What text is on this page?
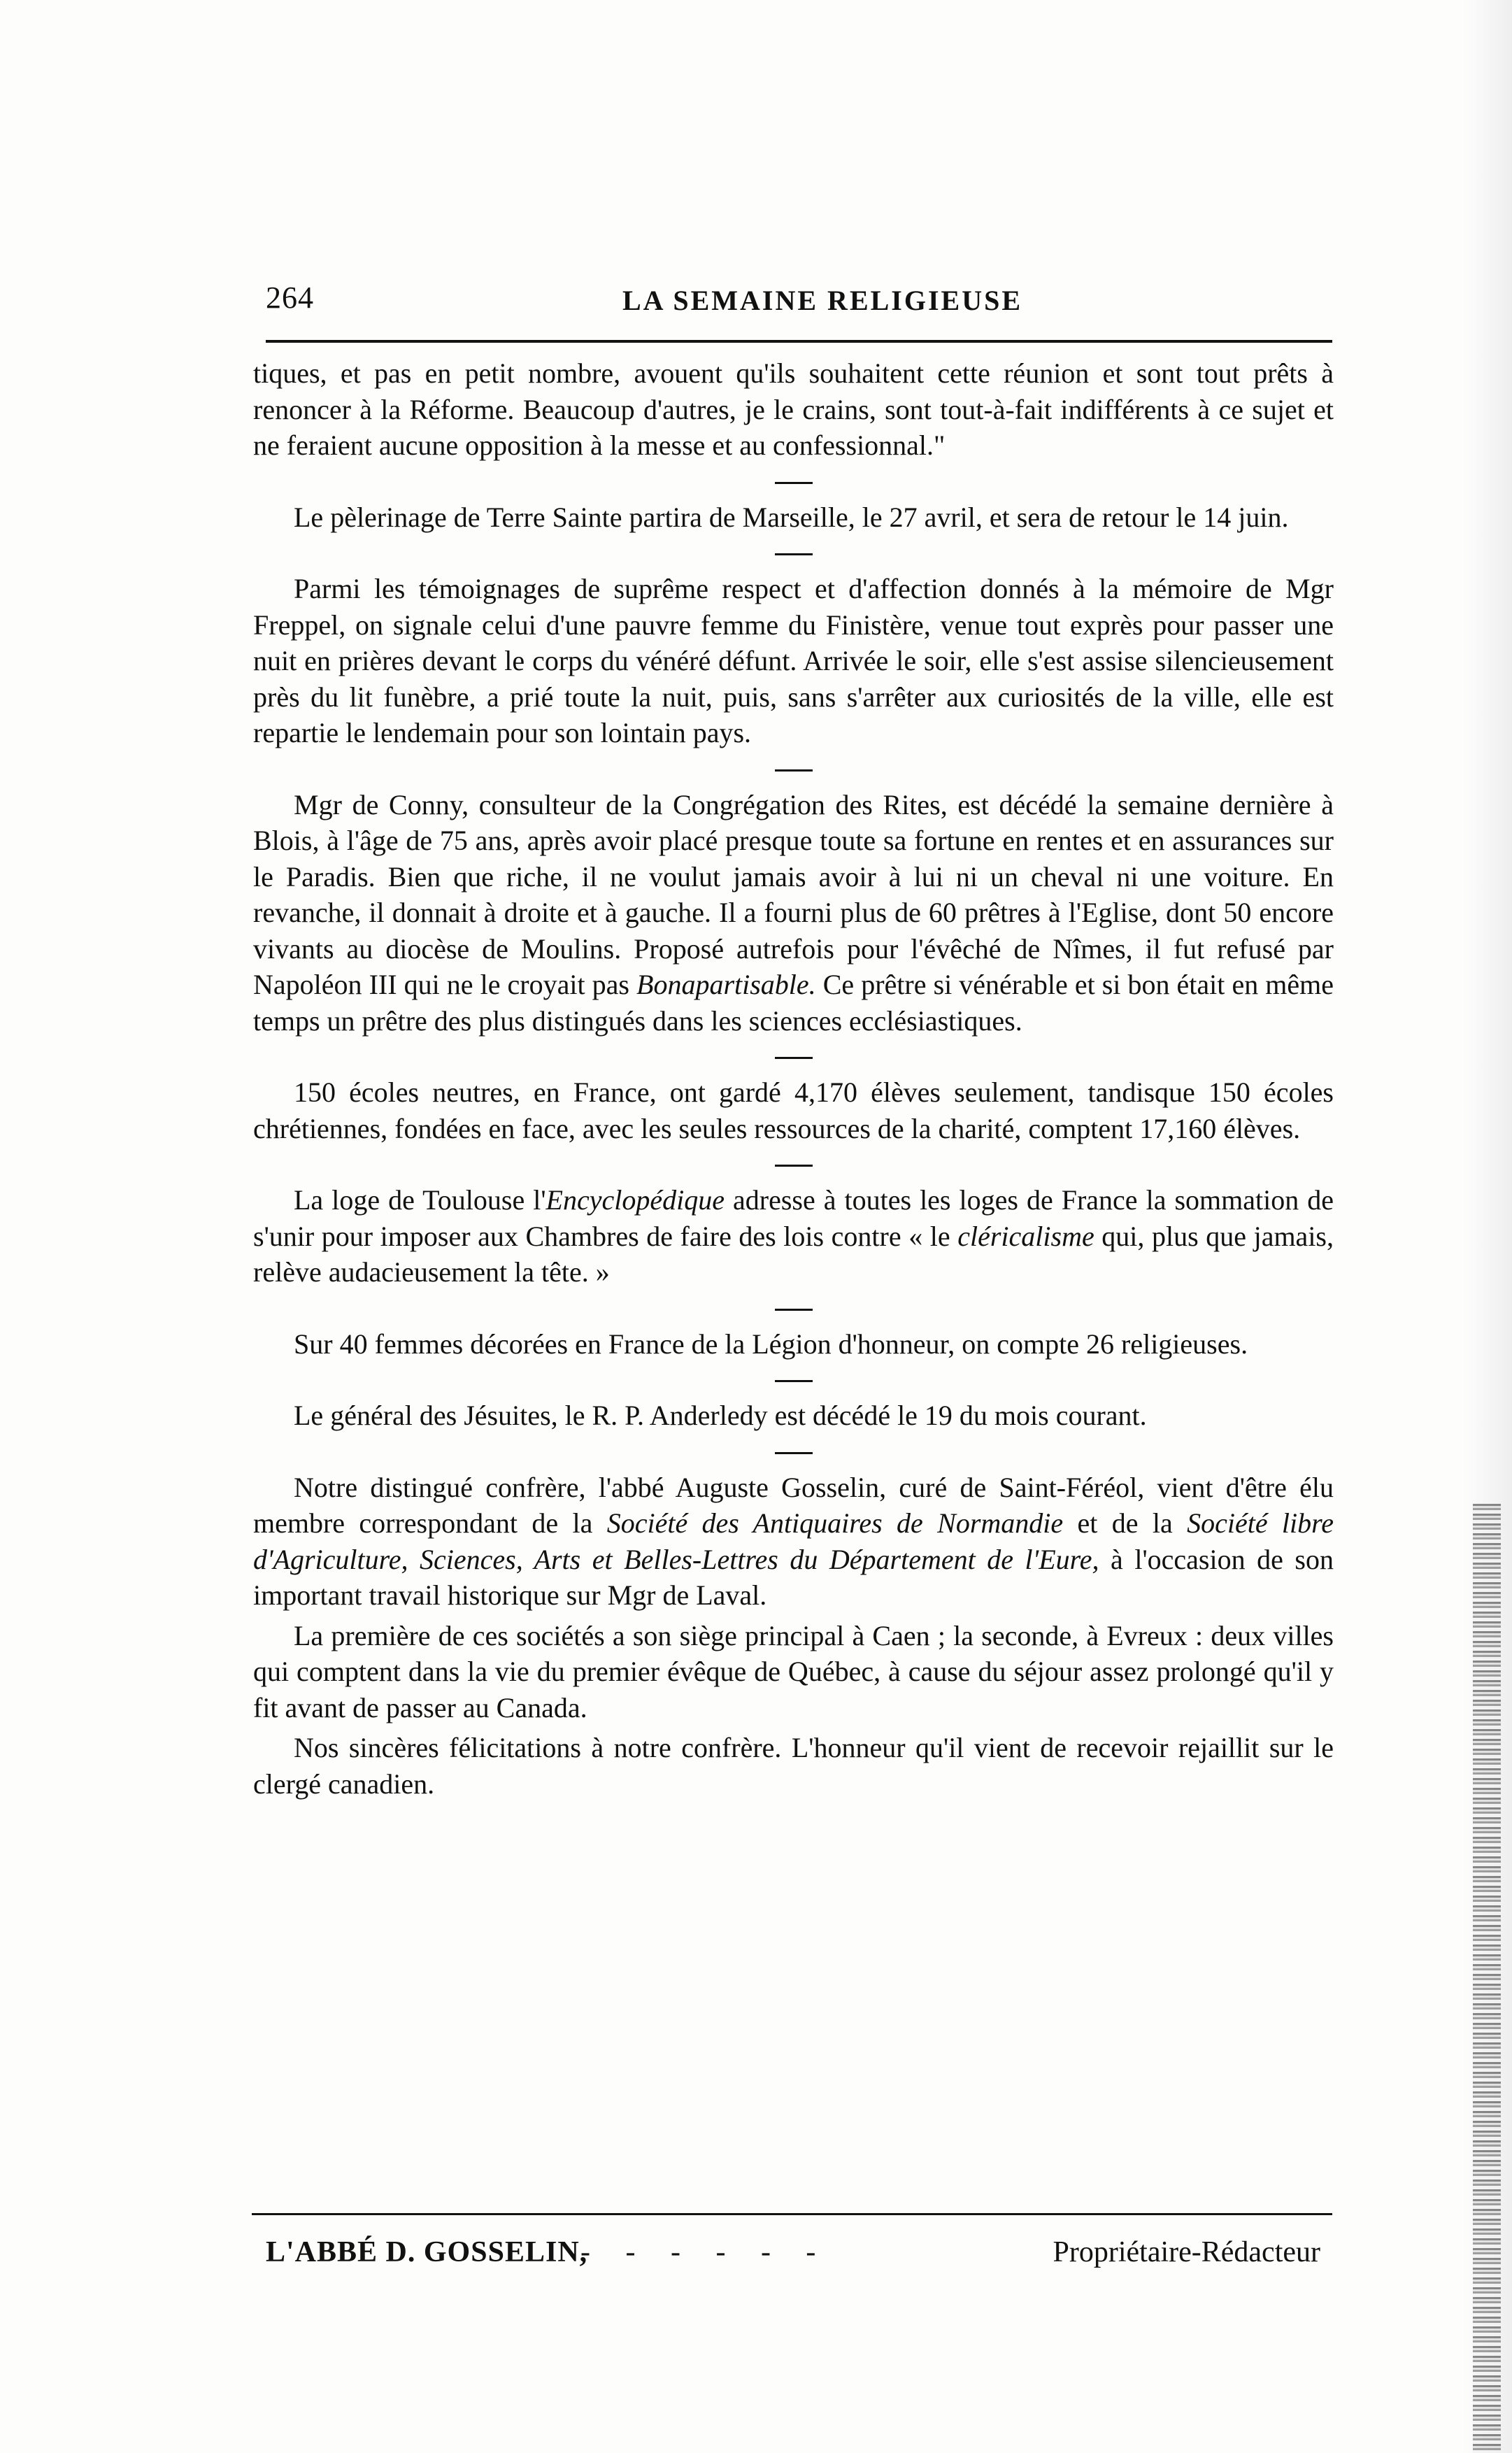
264	LA SEMAINE RELIGIEUSE

tiques, et pas en petit nombre, avouent qu'ils souhaitent cette réunion et sont tout prêts à renoncer à la Réforme. Beaucoup d'autres, je le crains, sont tout-à-fait indifférents à ce sujet et ne feraient aucune opposition à la messe et au confessionnal."

Le pèlerinage de Terre Sainte partira de Marseille, le 27 avril, et sera de retour le 14 juin.

Parmi les témoignages de suprême respect et d'affection donnés à la mémoire de Mgr Freppel, on signale celui d'une pauvre femme du Finistère, venue tout exprès pour passer une nuit en prières devant le corps du vénéré défunt. Arrivée le soir, elle s'est assise silencieusement près du lit funèbre, a prié toute la nuit, puis, sans s'arrêter aux curiosités de la ville, elle est repartie le lendemain pour son lointain pays.

Mgr de Conny, consulteur de la Congrégation des Rites, est décédé la semaine dernière à Blois, à l'âge de 75 ans, après avoir placé presque toute sa fortune en rentes et en assurances sur le Paradis. Bien que riche, il ne voulut jamais avoir à lui ni un cheval ni une voiture. En revanche, il donnait à droite et à gauche. Il a fourni plus de 60 prêtres à l'Eglise, dont 50 encore vivants au diocèse de Moulins. Proposé autrefois pour l'évêché de Nîmes, il fut refusé par Napoléon III qui ne le croyait pas Bonapartisable. Ce prêtre si vénérable et si bon était en même temps un prêtre des plus distingués dans les sciences ecclésiastiques.

150 écoles neutres, en France, ont gardé 4,170 élèves seulement, tandisque 150 écoles chrétiennes, fondées en face, avec les seules ressources de la charité, comptent 17,160 élèves.

La loge de Toulouse l'Encyclopédique adresse à toutes les loges de France la sommation de s'unir pour imposer aux Chambres de faire des lois contre « le cléricalisme qui, plus que jamais, relève audacieusement la tête. »

Sur 40 femmes décorées en France de la Légion d'honneur, on compte 26 religieuses.

Le général des Jésuites, le R. P. Anderledy est décédé le 19 du mois courant.

Notre distingué confrère, l'abbé Auguste Gosselin, curé de Saint-Féréol, vient d'être élu membre correspondant de la Société des Antiquaires de Normandie et de la Société libre d'Agriculture, Sciences, Arts et Belles-Lettres du Département de l'Eure, à l'occasion de son important travail historique sur Mgr de Laval.

La première de ces sociétés a son siège principal à Caen ; la seconde, à Evreux : deux villes qui comptent dans la vie du premier évêque de Québec, à cause du séjour assez prolongé qu'il y fit avant de passer au Canada.

Nos sincères félicitations à notre confrère. L'honneur qu'il vient de recevoir rejaillit sur le clergé canadien.

L'ABBÉ D. GOSSELIN,
- - - - - -	Propriétaire-Rédacteur
